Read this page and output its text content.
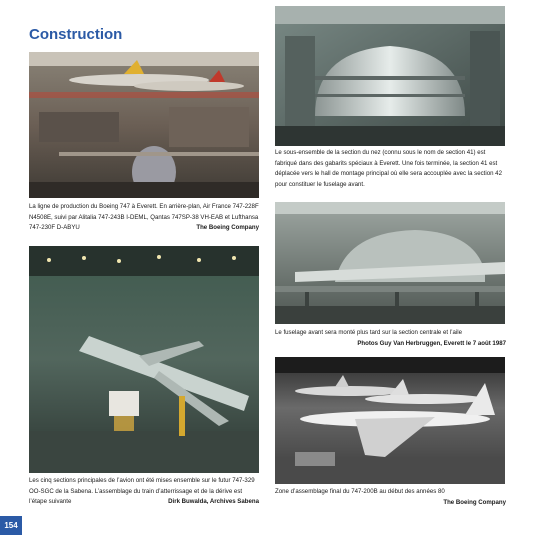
Construction
La ligne de production du Boeing 747 à Everett. En arrière-plan, Air France 747-228F N4508E, suivi par Alitalia 747-243B I-DEML, Qantas 747SP-38 VH-EAB et Lufthansa 747-230F D-ABYU	The Boeing Company
Le sous-ensemble de la section du nez (connu sous le nom de section 41) est fabriqué dans des gabarits spéciaux à Everett. Une fois terminée, la section 41 est déplacée vers le hall de montage principal où elle sera accouplée avec la section 42 pour constituer le fuselage avant.
Le fuselage avant sera monté plus tard sur la section centrale et l’aile
Photos Guy Van Herbruggen, Everett le 7 août 1987
Les cinq sections principales de l’avion ont été mises ensemble sur le futur 747-329 OO-SGC de la Sabena. L’assemblage du train d’atterrissage et de la dérive est l’étape suivante	Dirk Buwalda, Archives Sabena
Zone d’assemblage final du 747-200B au début des années 80
The Boeing Company
154
